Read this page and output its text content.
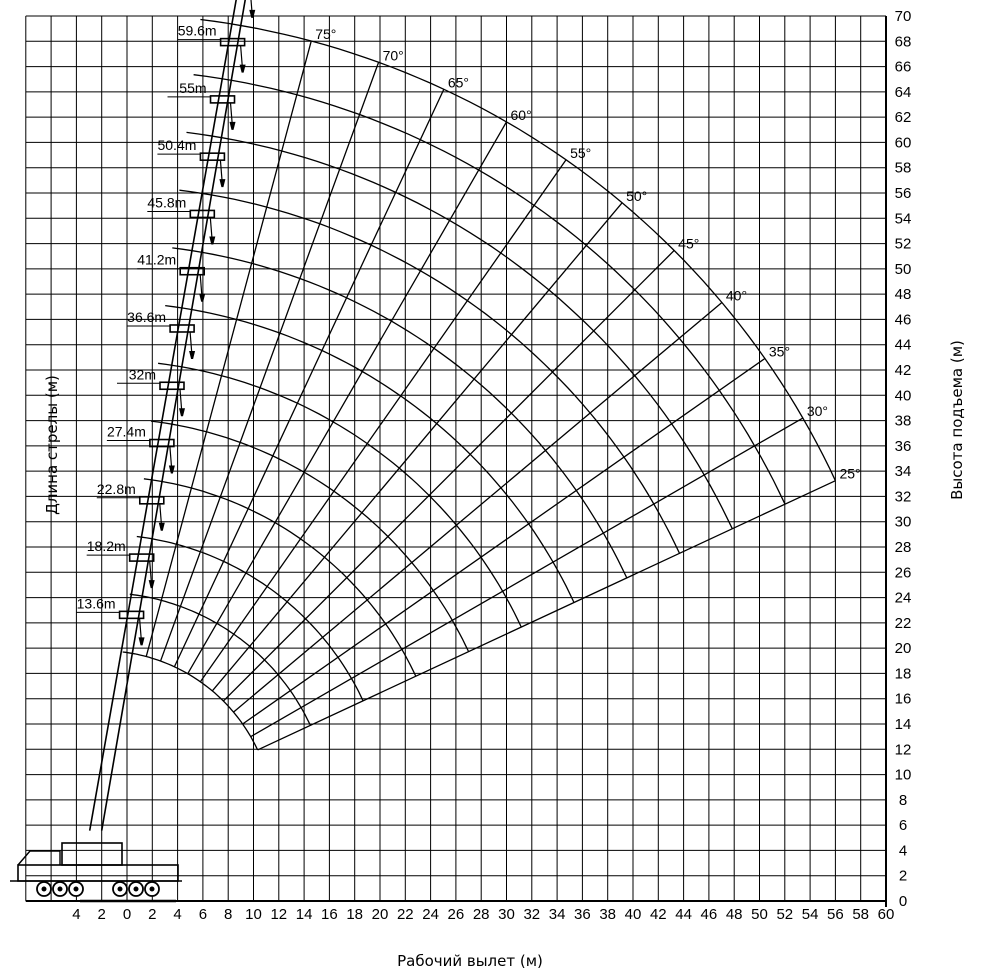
0 2 4 6 8 10 12 14 16 18 20 22 24 26 28 30 32 34 36 38 40 42 44 46 48 50 52 54 56 58 60
2
4
0
2
4
6
8
10
12
14
16
18
20
22
24
26
28
30
32
34
36
38
40
42
44
46
48
50
52
54
56
58
60
62
64
66
68
70
75°
70°
65°
60°
55°
50°
45°
40°
35°
30°
25°
59.6m
55m
50.4m
45.8m
41.2m
36.6m
32m
27.4m
22.8m
18.2m
13.6m
Рабочий вылет (м)
Высота подъема (м)
Длина стрелы (м)
